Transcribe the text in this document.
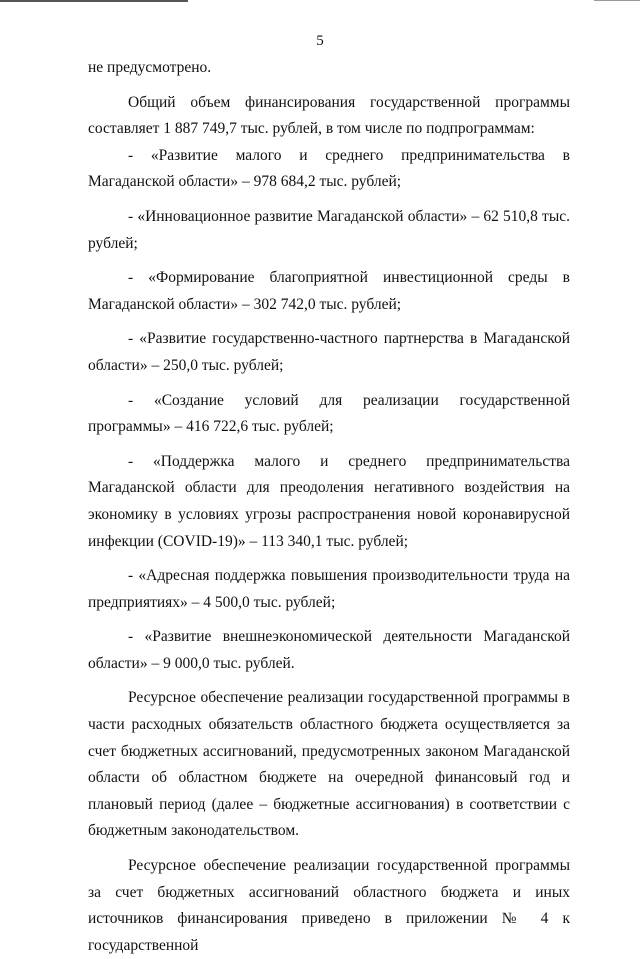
5

не предусмотрено.

Общий объем финансирования государственной программы составляет 1 887 749,7 тыс. рублей, в том числе по подпрограммам:

- «Развитие малого и среднего предпринимательства в Магаданской области» – 978 684,2 тыс. рублей;

- «Инновационное развитие Магаданской области» – 62 510,8 тыс. рублей;

- «Формирование благоприятной инвестиционной среды в Магаданской области» – 302 742,0 тыс. рублей;

- «Развитие государственно-частного партнерства в Магаданской области» – 250,0 тыс. рублей;

- «Создание условий для реализации государственной программы» – 416 722,6 тыс. рублей;

- «Поддержка малого и среднего предпринимательства Магаданской области для преодоления негативного воздействия на экономику в условиях угрозы распространения новой коронавирусной инфекции (COVID-19)» – 113 340,1 тыс. рублей;

- «Адресная поддержка повышения производительности труда на предприятиях» – 4 500,0 тыс. рублей;

- «Развитие внешнеэкономической деятельности Магаданской области» – 9 000,0 тыс. рублей.

Ресурсное обеспечение реализации государственной программы в части расходных обязательств областного бюджета осуществляется за счет бюджетных ассигнований, предусмотренных законом Магаданской области об областном бюджете на очередной финансовый год и плановый период (далее – бюджетные ассигнования) в соответствии с бюджетным законодательством.

Ресурсное обеспечение реализации государственной программы за счет бюджетных ассигнований областного бюджета и иных источников финансирования приведено в приложении № 4 к государственной
